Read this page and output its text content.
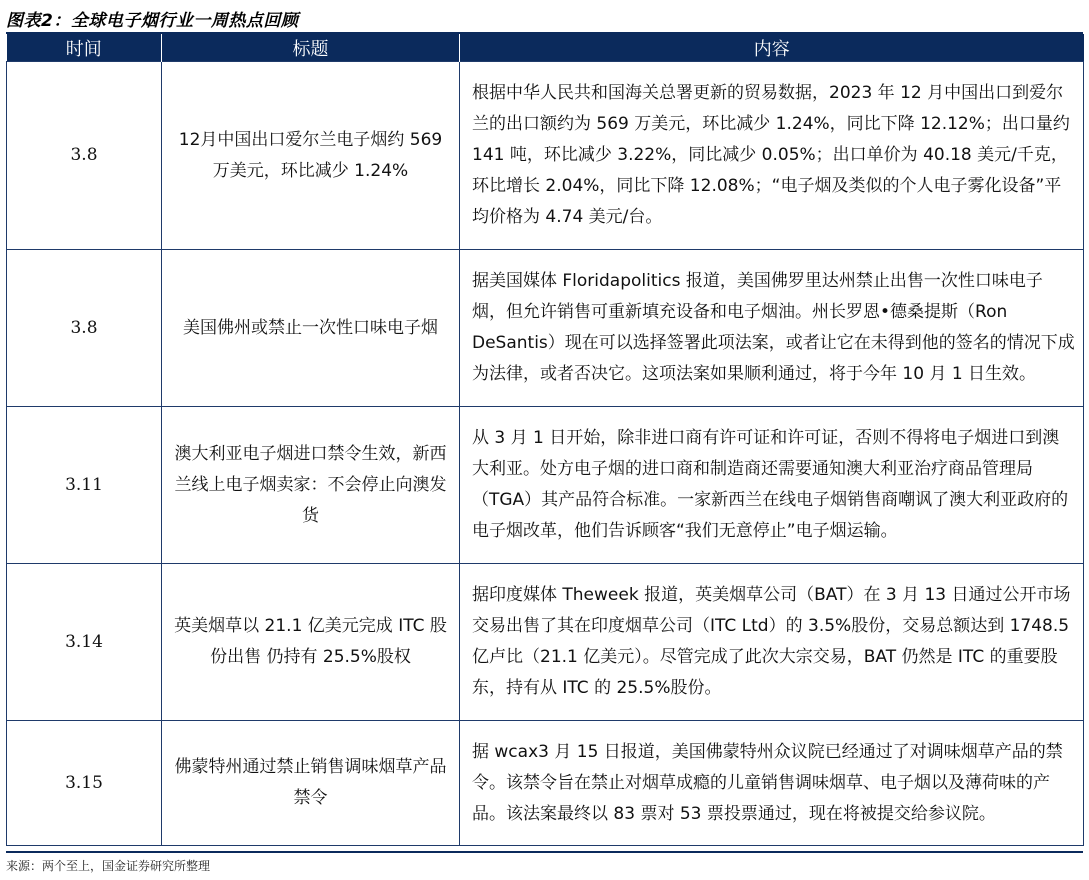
图表2：全球电子烟行业一周热点回顾
时间	标题	内容
3.8	12月中国出口爱尔兰电子烟约 569 万美元，环比减少 1.24%	根据中华人民共和国海关总署更新的贸易数据，2023 年 12 月中国出口到爱尔兰的出口额约为 569 万美元，环比减少 1.24%，同比下降 12.12%；出口量约 141 吨，环比减少 3.22%，同比减少 0.05%；出口单价为 40.18 美元/千克，环比增长 2.04%，同比下降 12.08%；“电子烟及类似的个人电子雾化设备”平均价格为 4.74 美元/台。
3.8	美国佛州或禁止一次性口味电子烟	据美国媒体 Floridapolitics 报道，美国佛罗里达州禁止出售一次性口味电子烟，但允许销售可重新填充设备和电子烟油。州长罗恩•德桑提斯（Ron DeSantis）现在可以选择签署此项法案，或者让它在未得到他的签名的情况下成为法律，或者否决它。这项法案如果顺利通过，将于今年 10 月 1 日生效。
3.11	澳大利亚电子烟进口禁令生效，新西兰线上电子烟卖家：不会停止向澳发货	从 3 月 1 日开始，除非进口商有许可证和许可证，否则不得将电子烟进口到澳大利亚。处方电子烟的进口商和制造商还需要通知澳大利亚治疗商品管理局（TGA）其产品符合标准。一家新西兰在线电子烟销售商嘲讽了澳大利亚政府的电子烟改革，他们告诉顾客“我们无意停止”电子烟运输。
3.14	英美烟草以 21.1 亿美元完成 ITC 股份出售 仍持有 25.5%股权	据印度媒体 Theweek 报道，英美烟草公司（BAT）在 3 月 13 日通过公开市场交易出售了其在印度烟草公司（ITC Ltd）的 3.5%股份，交易总额达到 1748.5 亿卢比（21.1 亿美元）。尽管完成了此次大宗交易，BAT 仍然是 ITC 的重要股东，持有从 ITC 的 25.5%股份。
3.15	佛蒙特州通过禁止销售调味烟草产品禁令	据 wcax3 月 15 日报道，美国佛蒙特州众议院已经通过了对调味烟草产品的禁令。该禁令旨在禁止对烟草成瘾的儿童销售调味烟草、电子烟以及薄荷味的产品。该法案最终以 83 票对 53 票投票通过，现在将被提交给参议院。
来源：两个至上，国金证券研究所整理
